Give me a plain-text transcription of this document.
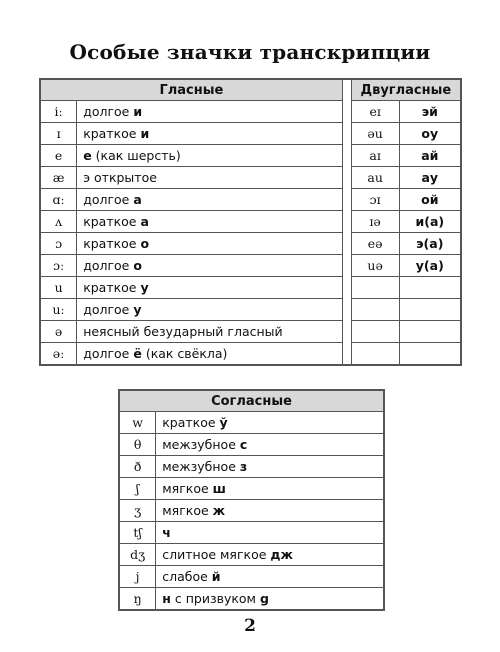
Особые значки транскрипции
Гласные			Двугласные	
iː	долгое и		eɪ	эй
ɪ	краткое и		əu	оу
e	е (как шерсть)		aɪ	ай
æ	э открытое		au	ау
ɑː	долгое а		ɔɪ	ой
ʌ	краткое а		ɪə	и(а)
ɔ	краткое о		eə	э(а)
ɔː	долгое о		uə	у(а)
u	краткое у			
uː	долгое у			
ə	неясный безударный гласный			
əː	долгое ё (как свёкла)			
Согласные	
w	краткое ў
θ	межзубное с
ð	межзубное з
ʃ	мягкое ш
ʒ	мягкое ж
tʃ	ч
dʒ	слитное мягкое дж
j	слабое й
ŋ	н с призвуком g
2
